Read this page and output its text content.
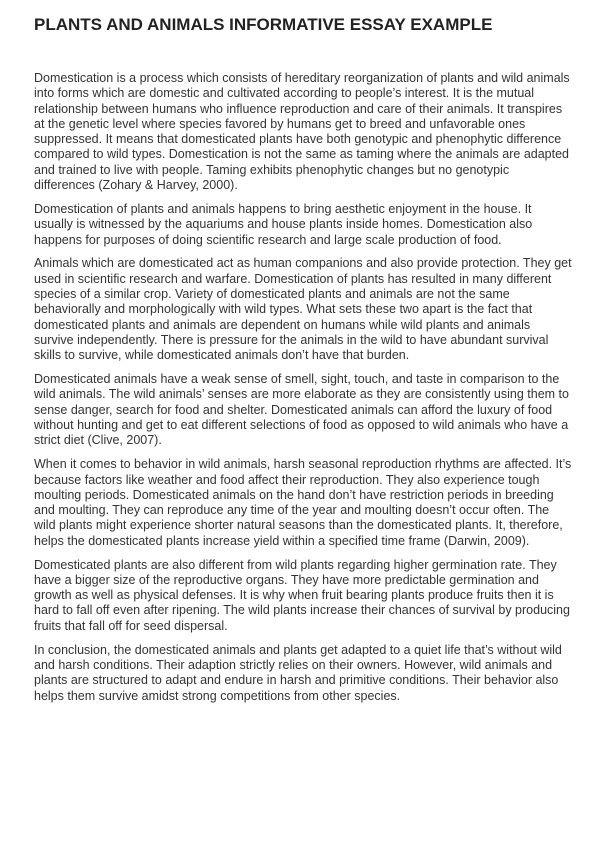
PLANTS AND ANIMALS INFORMATIVE ESSAY EXAMPLE

Domestication is a process which consists of hereditary reorganization of plants and wild animals into forms which are domestic and cultivated according to people’s interest. It is the mutual relationship between humans who influence reproduction and care of their animals. It transpires at the genetic level where species favored by humans get to breed and unfavorable ones suppressed. It means that domesticated plants have both genotypic and phenophytic difference compared to wild types. Domestication is not the same as taming where the animals are adapted and trained to live with people. Taming exhibits phenophytic changes but no genotypic differences (Zohary & Harvey, 2000).

Domestication of plants and animals happens to bring aesthetic enjoyment in the house. It usually is witnessed by the aquariums and house plants inside homes. Domestication also happens for purposes of doing scientific research and large scale production of food.

Animals which are domesticated act as human companions and also provide protection. They get used in scientific research and warfare. Domestication of plants has resulted in many different species of a similar crop. Variety of domesticated plants and animals are not the same behaviorally and morphologically with wild types. What sets these two apart is the fact that domesticated plants and animals are dependent on humans while wild plants and animals survive independently. There is pressure for the animals in the wild to have abundant survival skills to survive, while domesticated animals don’t have that burden.

Domesticated animals have a weak sense of smell, sight, touch, and taste in comparison to the wild animals. The wild animals’ senses are more elaborate as they are consistently using them to sense danger, search for food and shelter. Domesticated animals can afford the luxury of food without hunting and get to eat different selections of food as opposed to wild animals who have a strict diet (Clive, 2007).

When it comes to behavior in wild animals, harsh seasonal reproduction rhythms are affected. It’s because factors like weather and food affect their reproduction. They also experience tough moulting periods. Domesticated animals on the hand don’t have restriction periods in breeding and moulting. They can reproduce any time of the year and moulting doesn’t occur often. The wild plants might experience shorter natural seasons than the domesticated plants. It, therefore, helps the domesticated plants increase yield within a specified time frame (Darwin, 2009).

Domesticated plants are also different from wild plants regarding higher germination rate. They have a bigger size of the reproductive organs. They have more predictable germination and growth as well as physical defenses. It is why when fruit bearing plants produce fruits then it is hard to fall off even after ripening. The wild plants increase their chances of survival by producing fruits that fall off for seed dispersal.

In conclusion, the domesticated animals and plants get adapted to a quiet life that’s without wild and harsh conditions. Their adaption strictly relies on their owners. However, wild animals and plants are structured to adapt and endure in harsh and primitive conditions. Their behavior also helps them survive amidst strong competitions from other species.
